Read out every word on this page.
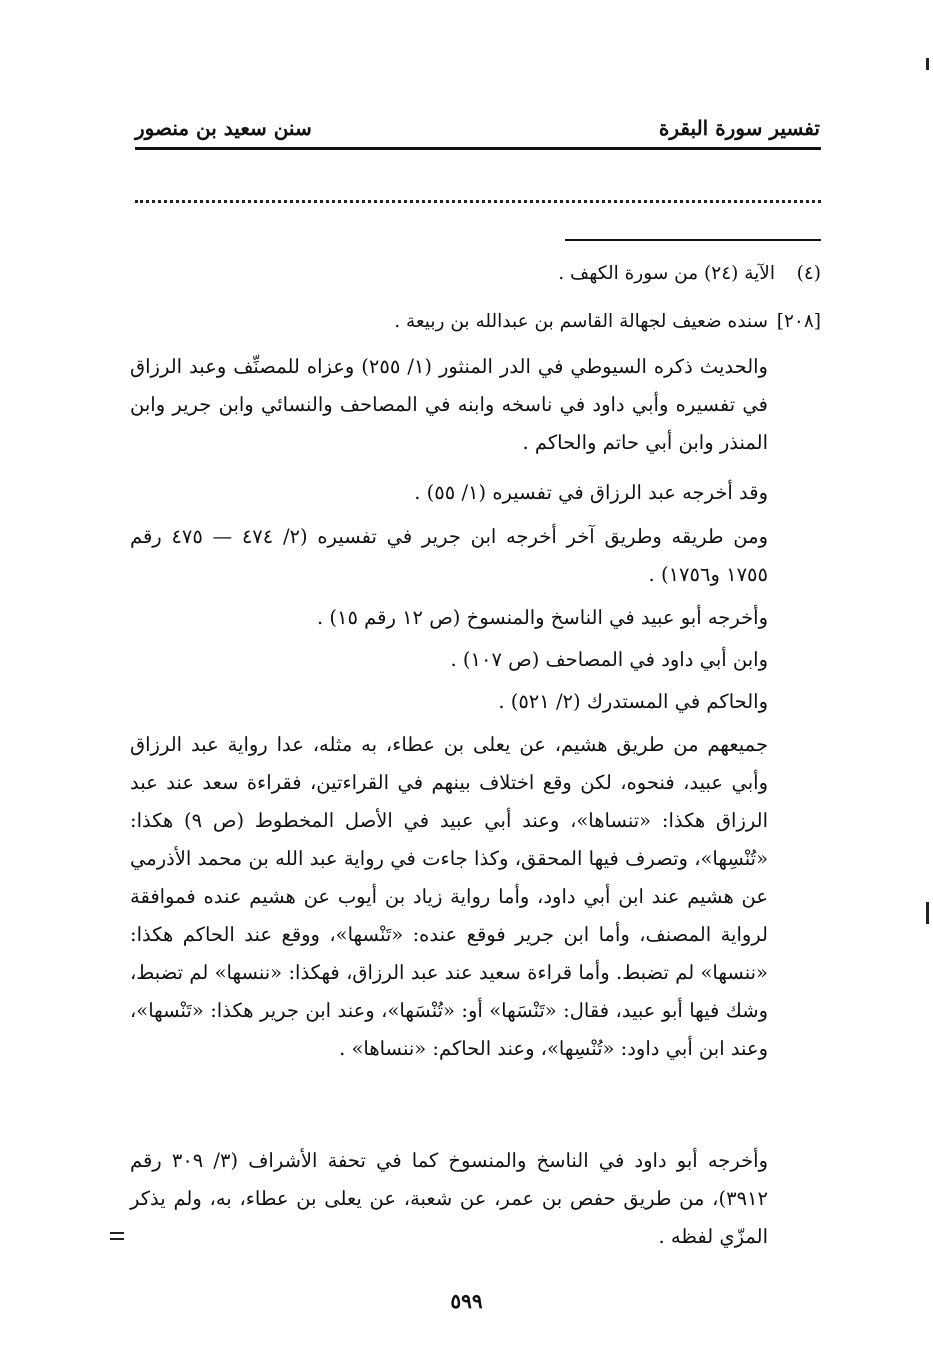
تفسير سورة البقرة
سنن سعيد بن منصور
(٤)
الآية (٢٤) من سورة الكهف .
[٢٠٨]
سنده ضعيف لجهالة القاسم بن عبدالله بن ربيعة .
والحديث ذكره السيوطي في الدر المنثور (١/ ٢٥٥) وعزاه للمصنِّف وعبد الرزاق في تفسيره وأبي داود في ناسخه وابنه في المصاحف والنسائي وابن جرير وابن المنذر وابن أبي حاتم والحاكم .
وقد أخرجه عبد الرزاق في تفسيره (١/ ٥٥) .
ومن طريقه وطريق آخر أخرجه ابن جرير في تفسيره (٢/ ٤٧٤ — ٤٧٥ رقم ١٧٥٥ و١٧٥٦) .
وأخرجه أبو عبيد في الناسخ والمنسوخ (ص ١٢ رقم ١٥) .
وابن أبي داود في المصاحف (ص ١٠٧) .
والحاكم في المستدرك (٢/ ٥٢١) .
جميعهم من طريق هشيم، عن يعلى بن عطاء، به مثله، عدا رواية عبد الرزاق وأبي عبيد، فنحوه، لكن وقع اختلاف بينهم في القراءتين، فقراءة سعد عند عبد الرزاق هكذا: «تنساها»، وعند أبي عبيد في الأصل المخطوط (ص ٩) هكذا: «تُنْسِها»، وتصرف فيها المحقق، وكذا جاءت في رواية عبد الله بن محمد الأذرمي عن هشيم عند ابن أبي داود، وأما رواية زياد بن أيوب عن هشيم عنده فموافقة لرواية المصنف، وأما ابن جرير فوقع عنده: «تَنْسها»، ووقع عند الحاكم هكذا: «ننسها» لم تضبط. وأما قراءة سعيد عند عبد الرزاق، فهكذا: «ننسها» لم تضبط، وشك فيها أبو عبيد، فقال: «تَنْسَها» أو: «تُنْسَها»، وعند ابن جرير هكذا: «تَنْسها»، وعند ابن أبي داود: «تُنْسِها»، وعند الحاكم: «ننساها» .
وأخرجه أبو داود في الناسخ والمنسوخ كما في تحفة الأشراف (٣/ ٣٠٩ رقم ٣٩١٢)، من طريق حفص بن عمر، عن شعبة، عن يعلى بن عطاء، به، ولم يذكر المزّي لفظه .
٥٩٩
